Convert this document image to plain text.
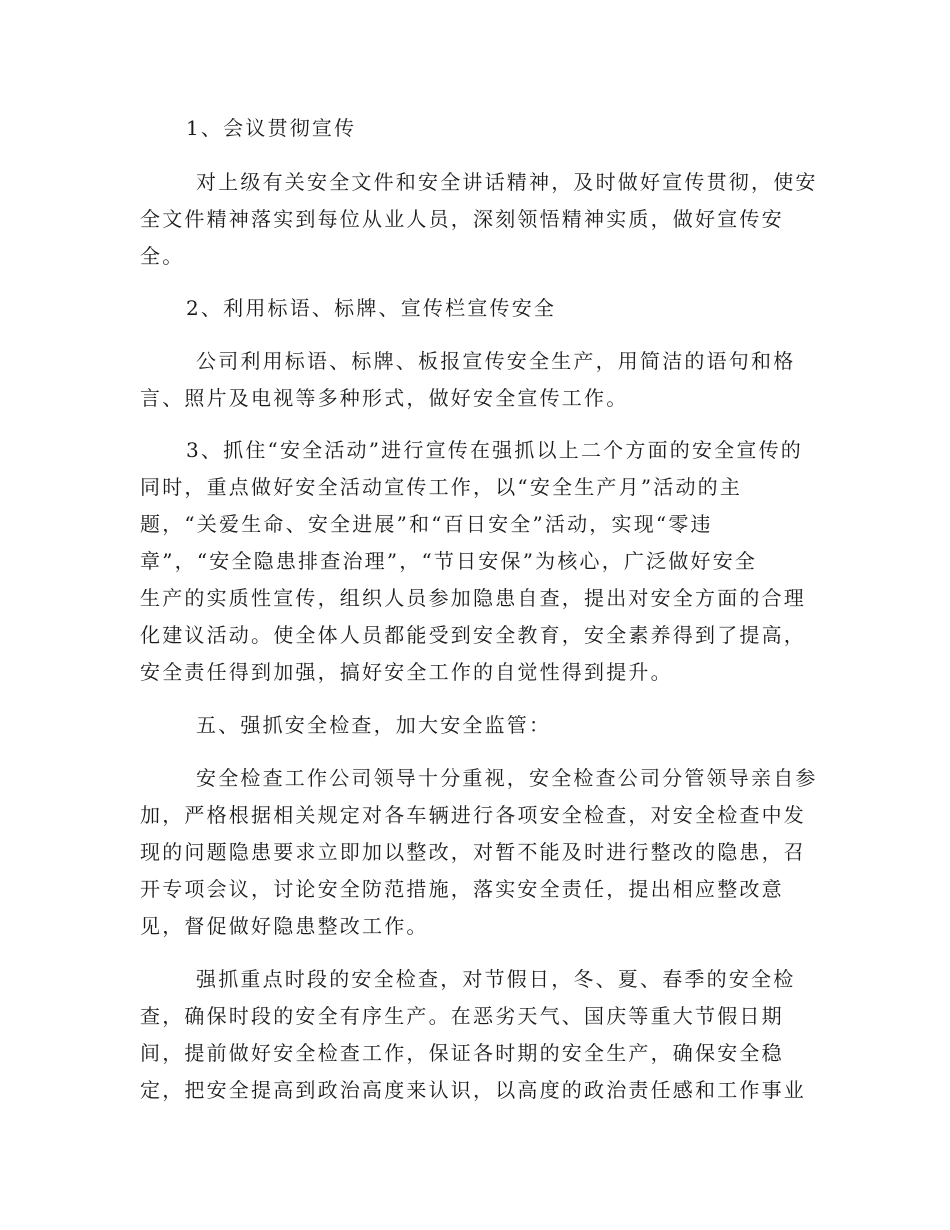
1、会议贯彻宣传
对上级有关安全文件和安全讲话精神，及时做好宣传贯彻，使安
全文件精神落实到每位从业人员，深刻领悟精神实质，做好宣传安
全。
2、利用标语、标牌、宣传栏宣传安全
公司利用标语、标牌、板报宣传安全生产，用简洁的语句和格
言、照片及电视等多种形式，做好安全宣传工作。
3、抓住“安全活动”进行宣传在强抓以上二个方面的安全宣传的
同时，重点做好安全活动宣传工作，以“安全生产月”活动的主
题，“关爱生命、安全进展”和“百日安全”活动，实现“零违
章”，“安全隐患排查治理”，“节日安保”为核心，广泛做好安全
生产的实质性宣传，组织人员参加隐患自查，提出对安全方面的合理
化建议活动。使全体人员都能受到安全教育，安全素养得到了提高，
安全责任得到加强，搞好安全工作的自觉性得到提升。
五、强抓安全检查，加大安全监管：
安全检查工作公司领导十分重视，安全检查公司分管领导亲自参
加，严格根据相关规定对各车辆进行各项安全检查，对安全检查中发
现的问题隐患要求立即加以整改，对暂不能及时进行整改的隐患，召
开专项会议，讨论安全防范措施，落实安全责任，提出相应整改意
见，督促做好隐患整改工作。
强抓重点时段的安全检查，对节假日，冬、夏、春季的安全检
查，确保时段的安全有序生产。在恶劣天气、国庆等重大节假日期
间，提前做好安全检查工作，保证各时期的安全生产，确保安全稳
定，把安全提高到政治高度来认识，以高度的政治责任感和工作事业
